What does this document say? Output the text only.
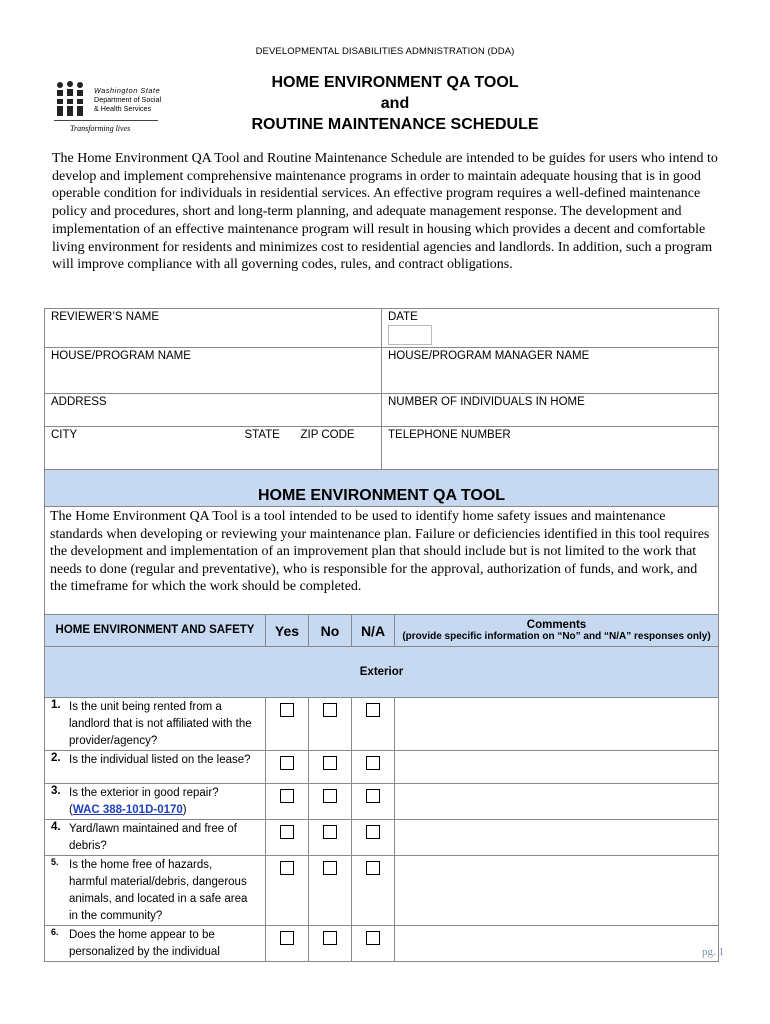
DEVELOPMENTAL DISABILITIES ADMNISTRATION (DDA)
Washington State
Department of Social
& Health Services
Transforming lives
HOME ENVIRONMENT QA TOOL
and
ROUTINE MAINTENANCE SCHEDULE
The Home Environment QA Tool and Routine Maintenance Schedule are intended to be guides for users who intend to develop and implement comprehensive maintenance programs in order to maintain adequate housing that is in good operable condition for individuals in residential services. An effective program requires a well-defined maintenance policy and procedures, short and long-term planning, and adequate management response. The development and implementation of an effective maintenance program will result in housing which provides a decent and comfortable living environment for residents and minimizes cost to residential agencies and landlords. In addition, such a program will improve compliance with all governing codes, rules, and contract obligations.
REVIEWER’S NAME	DATE

HOUSE/PROGRAM NAME	HOUSE/PROGRAM MANAGER NAME
ADDRESS	NUMBER OF INDIVIDUALS IN HOME
CITY STATE ZIP CODE	TELEPHONE NUMBER
HOME ENVIRONMENT QA TOOL
The Home Environment QA Tool is a tool intended to be used to identify home safety issues and maintenance standards when developing or reviewing your maintenance plan. Failure or deficiencies identified in this tool requires the development and implementation of an improvement plan that should include but is not limited to the work that needs to done (regular and preventative), who is responsible for the approval, authorization of funds, and work, and the timeframe for which the work should be completed.
HOME ENVIRONMENT AND SAFETY	Yes	No	N/A	Comments
(provide specific information on “No” and “N/A” responses only)

Exterior				

1. Is the unit being rented from a landlord that is not affiliated with the provider/agency?				

2. Is the individual listed on the lease?				

3. Is the exterior in good repair?
(WAC 388-101D-0170)				

4. Yard/lawn maintained and free of debris?				

5. Is the home free of hazards, harmful material/debris, dangerous animals, and located in a safe area in the community?				

6. Does the home appear to be personalized by the individual				

		pg. 1
